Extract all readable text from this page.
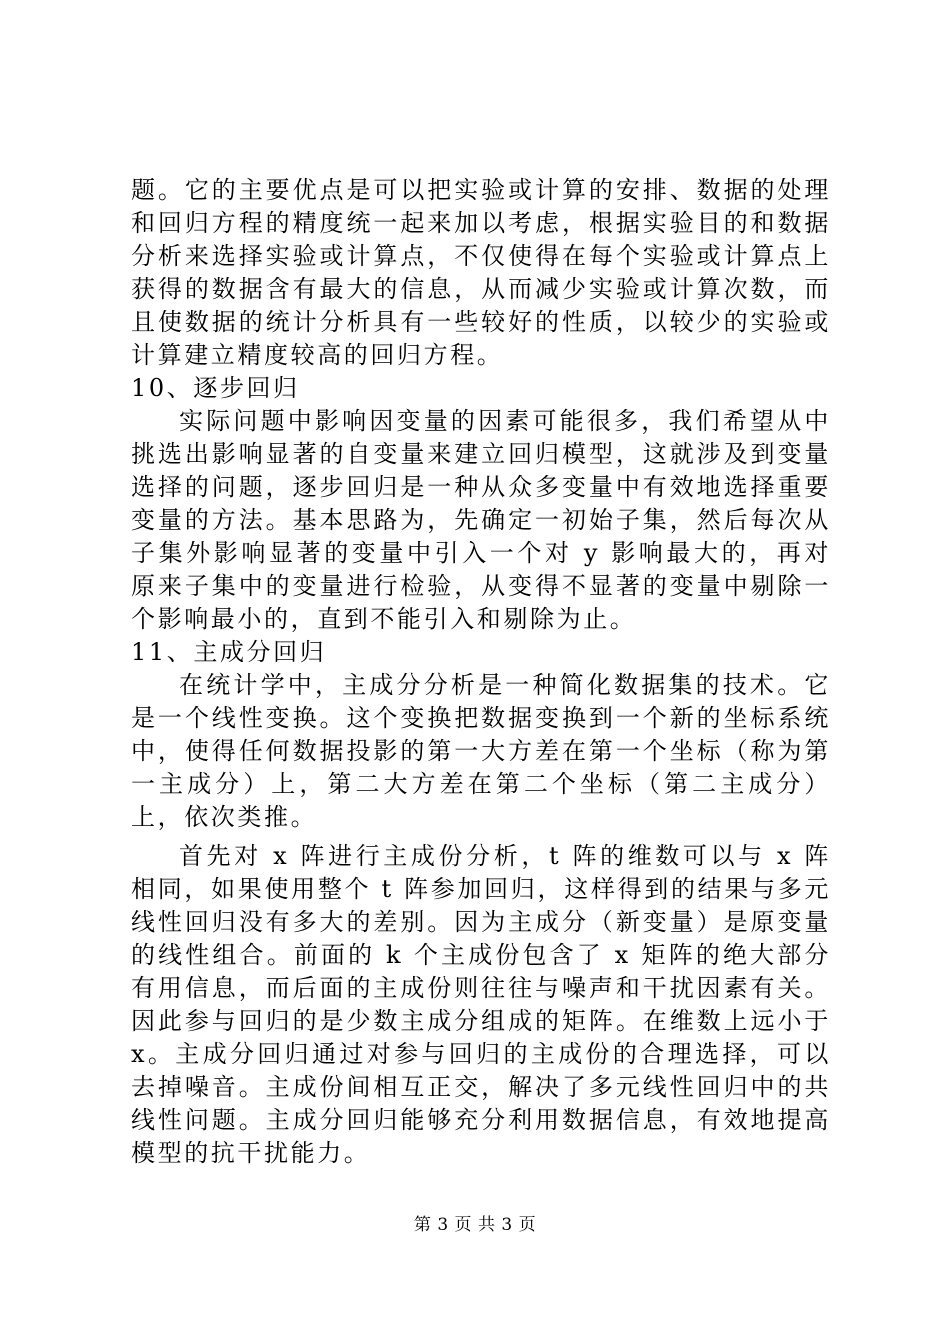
题。它的主要优点是可以把实验或计算的安排、数据的处理和回归方程的精度统一起来加以考虑，根据实验目的和数据分析来选择实验或计算点，不仅使得在每个实验或计算点上获得的数据含有最大的信息，从而减少实验或计算次数，而且使数据的统计分析具有一些较好的性质，以较少的实验或计算建立精度较高的回归方程。

10、逐步回归

实际问题中影响因变量的因素可能很多，我们希望从中挑选出影响显著的自变量来建立回归模型，这就涉及到变量选择的问题，逐步回归是一种从众多变量中有效地选择重要变量的方法。基本思路为，先确定一初始子集，然后每次从子集外影响显著的变量中引入一个对 y 影响最大的，再对原来子集中的变量进行检验，从变得不显著的变量中剔除一个影响最小的，直到不能引入和剔除为止。

11、主成分回归

在统计学中，主成分分析是一种简化数据集的技术。它是一个线性变换。这个变换把数据变换到一个新的坐标系统中，使得任何数据投影的第一大方差在第一个坐标（称为第一主成分）上，第二大方差在第二个坐标（第二主成分）上，依次类推。

首先对 x 阵进行主成份分析，t 阵的维数可以与 x 阵相同，如果使用整个 t 阵参加回归，这样得到的结果与多元线性回归没有多大的差别。因为主成分（新变量）是原变量的线性组合。前面的 k 个主成份包含了 x 矩阵的绝大部分有用信息，而后面的主成份则往往与噪声和干扰因素有关。因此参与回归的是少数主成分组成的矩阵。在维数上远小于 x。主成分回归通过对参与回归的主成份的合理选择，可以去掉噪音。主成份间相互正交，解决了多元线性回归中的共线性问题。主成分回归能够充分利用数据信息，有效地提高模型的抗干扰能力。

第 3 页 共 3 页
